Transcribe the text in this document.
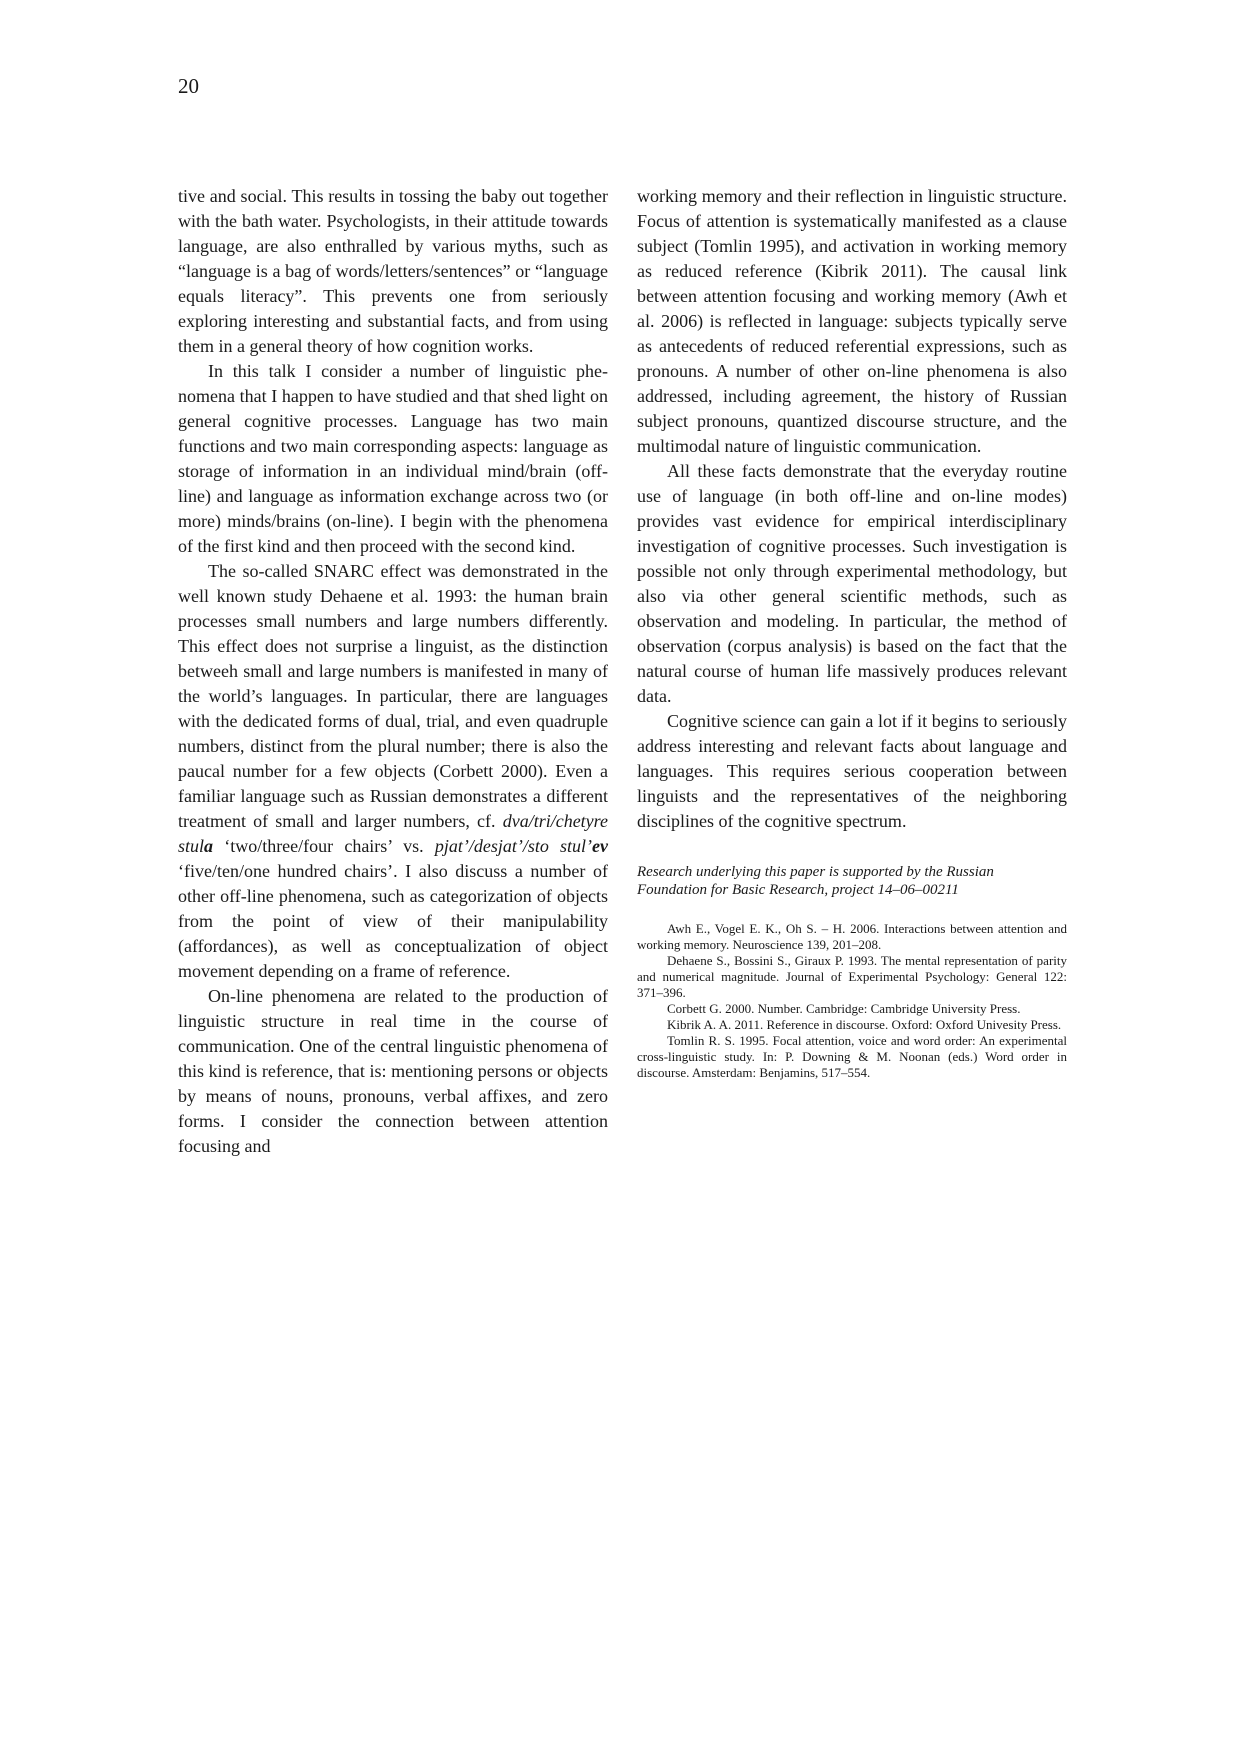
20

tive and social. This results in tossing the baby out together with the bath water. Psychologists, in their attitude towards language, are also enthralled by various myths, such as “language is a bag of words/letters/sentences” or “language equals literacy”. This prevents one from seriously exploring interesting and substantial facts, and from using them in a general theory of how cognition works.

In this talk I consider a number of linguistic phenomena that I happen to have studied and that shed light on general cognitive processes. Language has two main functions and two main corresponding aspects: language as storage of information in an individual mind/brain (off-line) and language as information exchange across two (or more) minds/brains (on-line). I begin with the phenomena of the first kind and then proceed with the second kind.

The so-called SNARC effect was demonstrated in the well known study Dehaene et al. 1993: the human brain processes small numbers and large numbers differently. This effect does not surprise a linguist, as the distinction betweeh small and large numbers is manifested in many of the world’s languages. In particular, there are languages with the dedicated forms of dual, trial, and even quadruple numbers, distinct from the plural number; there is also the paucal number for a few objects (Corbett 2000). Even a familiar language such as Russian demonstrates a different treatment of small and larger numbers, cf. dva/tri/chetyre stula ‘two/three/four chairs’ vs. pjat’/desjat’/sto stul’ev ‘five/ten/one hundred chairs’. I also discuss a number of other off-line phenomena, such as categorization of objects from the point of view of their manipulability (affordances), as well as conceptualization of object movement depending on a frame of reference.

On-line phenomena are related to the production of linguistic structure in real time in the course of communication. One of the central linguistic phenomena of this kind is reference, that is: mentioning persons or objects by means of nouns, pronouns, verbal affixes, and zero forms. I consider the connection between attention focusing and

working memory and their reflection in linguistic structure. Focus of attention is systematically manifested as a clause subject (Tomlin 1995), and activation in working memory as reduced reference (Kibrik 2011). The causal link between attention focusing and working memory (Awh et al. 2006) is reflected in language: subjects typically serve as antecedents of reduced referential expressions, such as pronouns. A number of other on-line phenomena is also addressed, including agreement, the history of Russian subject pronouns, quantized discourse structure, and the multimodal nature of linguistic communication.

All these facts demonstrate that the everyday routine use of language (in both off-line and on-line modes) provides vast evidence for empirical interdisciplinary investigation of cognitive processes. Such investigation is possible not only through experimental methodology, but also via other general scientific methods, such as observation and modeling. In particular, the method of observation (corpus analysis) is based on the fact that the natural course of human life massively produces relevant data.

Cognitive science can gain a lot if it begins to seriously address interesting and relevant facts about language and languages. This requires serious cooperation between linguists and the representatives of the neighboring disciplines of the cognitive spectrum.

Research underlying this paper is supported by the Russian Foundation for Basic Research, project 14–06–00211

Awh E., Vogel E. K., Oh S. – H. 2006. Interactions between attention and working memory. Neuroscience 139, 201–208.

Dehaene S., Bossini S., Giraux P. 1993. The mental representation of parity and numerical magnitude. Journal of Experimental Psychology: General 122: 371–396.

Corbett G. 2000. Number. Cambridge: Cambridge University Press.

Kibrik A. A. 2011. Reference in discourse. Oxford: Oxford Univesity Press.

Tomlin R. S. 1995. Focal attention, voice and word order: An experimental cross-linguistic study. In: P. Downing & M. Noonan (eds.) Word order in discourse. Amsterdam: Benjamins, 517–554.
